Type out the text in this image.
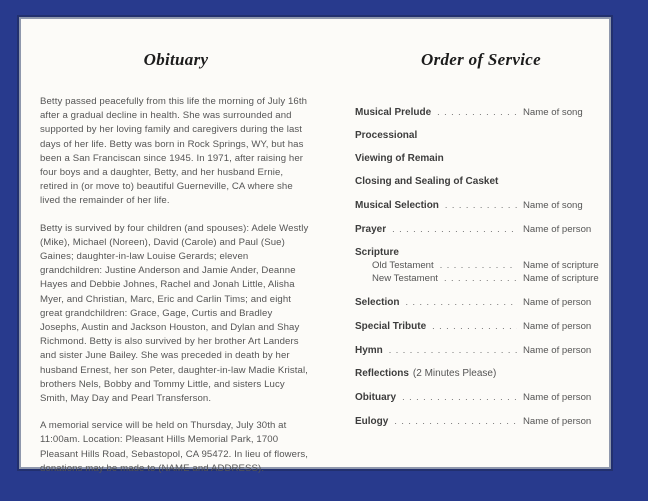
Obituary

Betty passed peacefully from this life the morning of July 16th after a gradual decline in health. She was surrounded and supported by her loving family and caregivers during the last days of her life. Betty was born in Rock Springs, WY, but has been a San Franciscan since 1945. In 1971, after raising her four boys and a daughter, Betty, and her husband Ernie, retired in (or move to) beautiful Guerneville, CA where she lived the remainder of her life.

Betty is survived by four children (and spouses): Adele Westly (Mike), Michael (Noreen), David (Carole) and Paul (Sue) Gaines; daughter-in-law Louise Gerards; eleven grandchildren: Justine Anderson and Jamie Ander, Deanne Hayes and Debbie Johnes, Rachel and Jonah Little, Alisha Myer, and Christian, Marc, Eric and Carlin Tims; and eight great grandchildren: Grace, Gage, Curtis and Bradley Josephs, Austin and Jackson Houston, and Dylan and Shay Richmond. Betty is also survived by her brother Art Landers and sister June Bailey. She was preceded in death by her husband Ernest, her son Peter, daughter-in-law Madie Kristal, brothers Nels, Bobby and Tommy Little, and sisters Lucy Smith, May Day and Pearl Transferson.

A memorial service will be held on Thursday, July 30th at 11:00am. Location: Pleasant Hills Memorial Park, 1700 Pleasant Hills Road, Sebastopol, CA 95472. In lieu of flowers, donations may be made to (NAME and ADDRESS).

Order of Service
Musical Prelude . . .	Name of song
Processional
Viewing of Remain
Closing and Sealing of Casket
Musical Selection . . .	Name of song
Prayer . . .	Name of person
Scripture
Old Testament . . .	Name of scripture
New Testament . . .	Name of scripture
Selection . . .	Name of person
Special Tribute . . .	Name of person
Hymn . . .	Name of person
Reflections (2 Minutes Please)
Obituary . . .	Name of person
Eulogy . . .	Name of person
